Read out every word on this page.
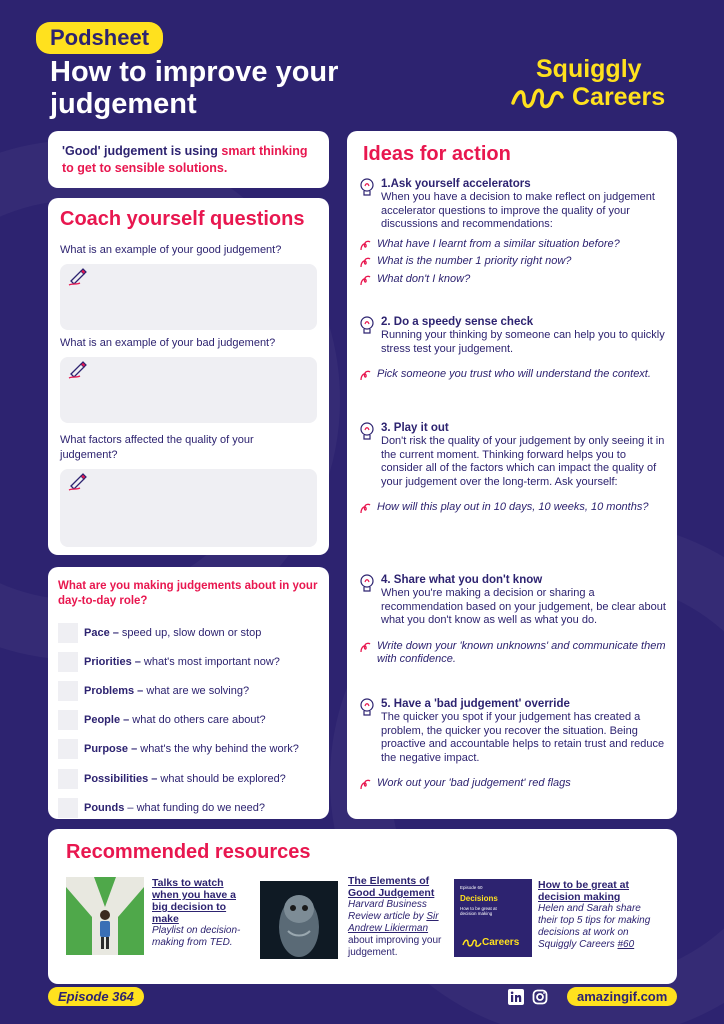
Podsheet
How to improve your judgement
Squiggly
Careers

'Good' judgement is using smart thinking to get to sensible solutions.

Coach yourself questions
What is an example of your good judgement?
What is an example of your bad judgement?
What factors affected the quality of your judgement?
What are you making judgements about in your day-to-day role?
Pace – speed up, slow down or stop
Priorities – what's most important now?
Problems – what are we solving?
People – what do others care about?
Purpose – what's the why behind the work?
Possibilities – what should be explored?
Pounds – what funding do we need?
Ideas for action
1.Ask yourself accelerators
When you have a decision to make reflect on judgement accelerator questions to improve the quality of your discussions and recommendations:
What have I learnt from a similar situation before?
What is the number 1 priority right now?
What don't I know?
2. Do a speedy sense check
Running your thinking by someone can help you to quickly stress test your judgement.
Pick someone you trust who will understand the context.
3. Play it out
Don't risk the quality of your judgement by only seeing it in the current moment. Thinking forward helps you to consider all of the factors which can impact the quality of your judgement over the long-term. Ask yourself:
How will this play out in 10 days, 10 weeks, 10 months?
4. Share what you don't know
When you're making a decision or sharing a recommendation based on your judgement, be clear about what you don't know as well as what you do.
Write down your 'known unknowns' and communicate them with confidence.
5. Have a 'bad judgement' override
The quicker you spot if your judgement has created a problem, the quicker you recover the situation. Being proactive and accountable helps to retain trust and reduce the negative impact.
Work out your 'bad judgement' red flags
Recommended resources
Talks to watch when you have a big decision to make
Playlist on decision-making from TED.
The Elements of Good Judgement
Harvard Business Review article by Sir Andrew Likierman
about improving your judgement.
Episode 60
Decisions
How to be great at decision making
Careers
How to be great at decision making
Helen and Sarah share their top 5 tips for making decisions at work on Squiggly Careers #60
Episode 364	amazingif.com
